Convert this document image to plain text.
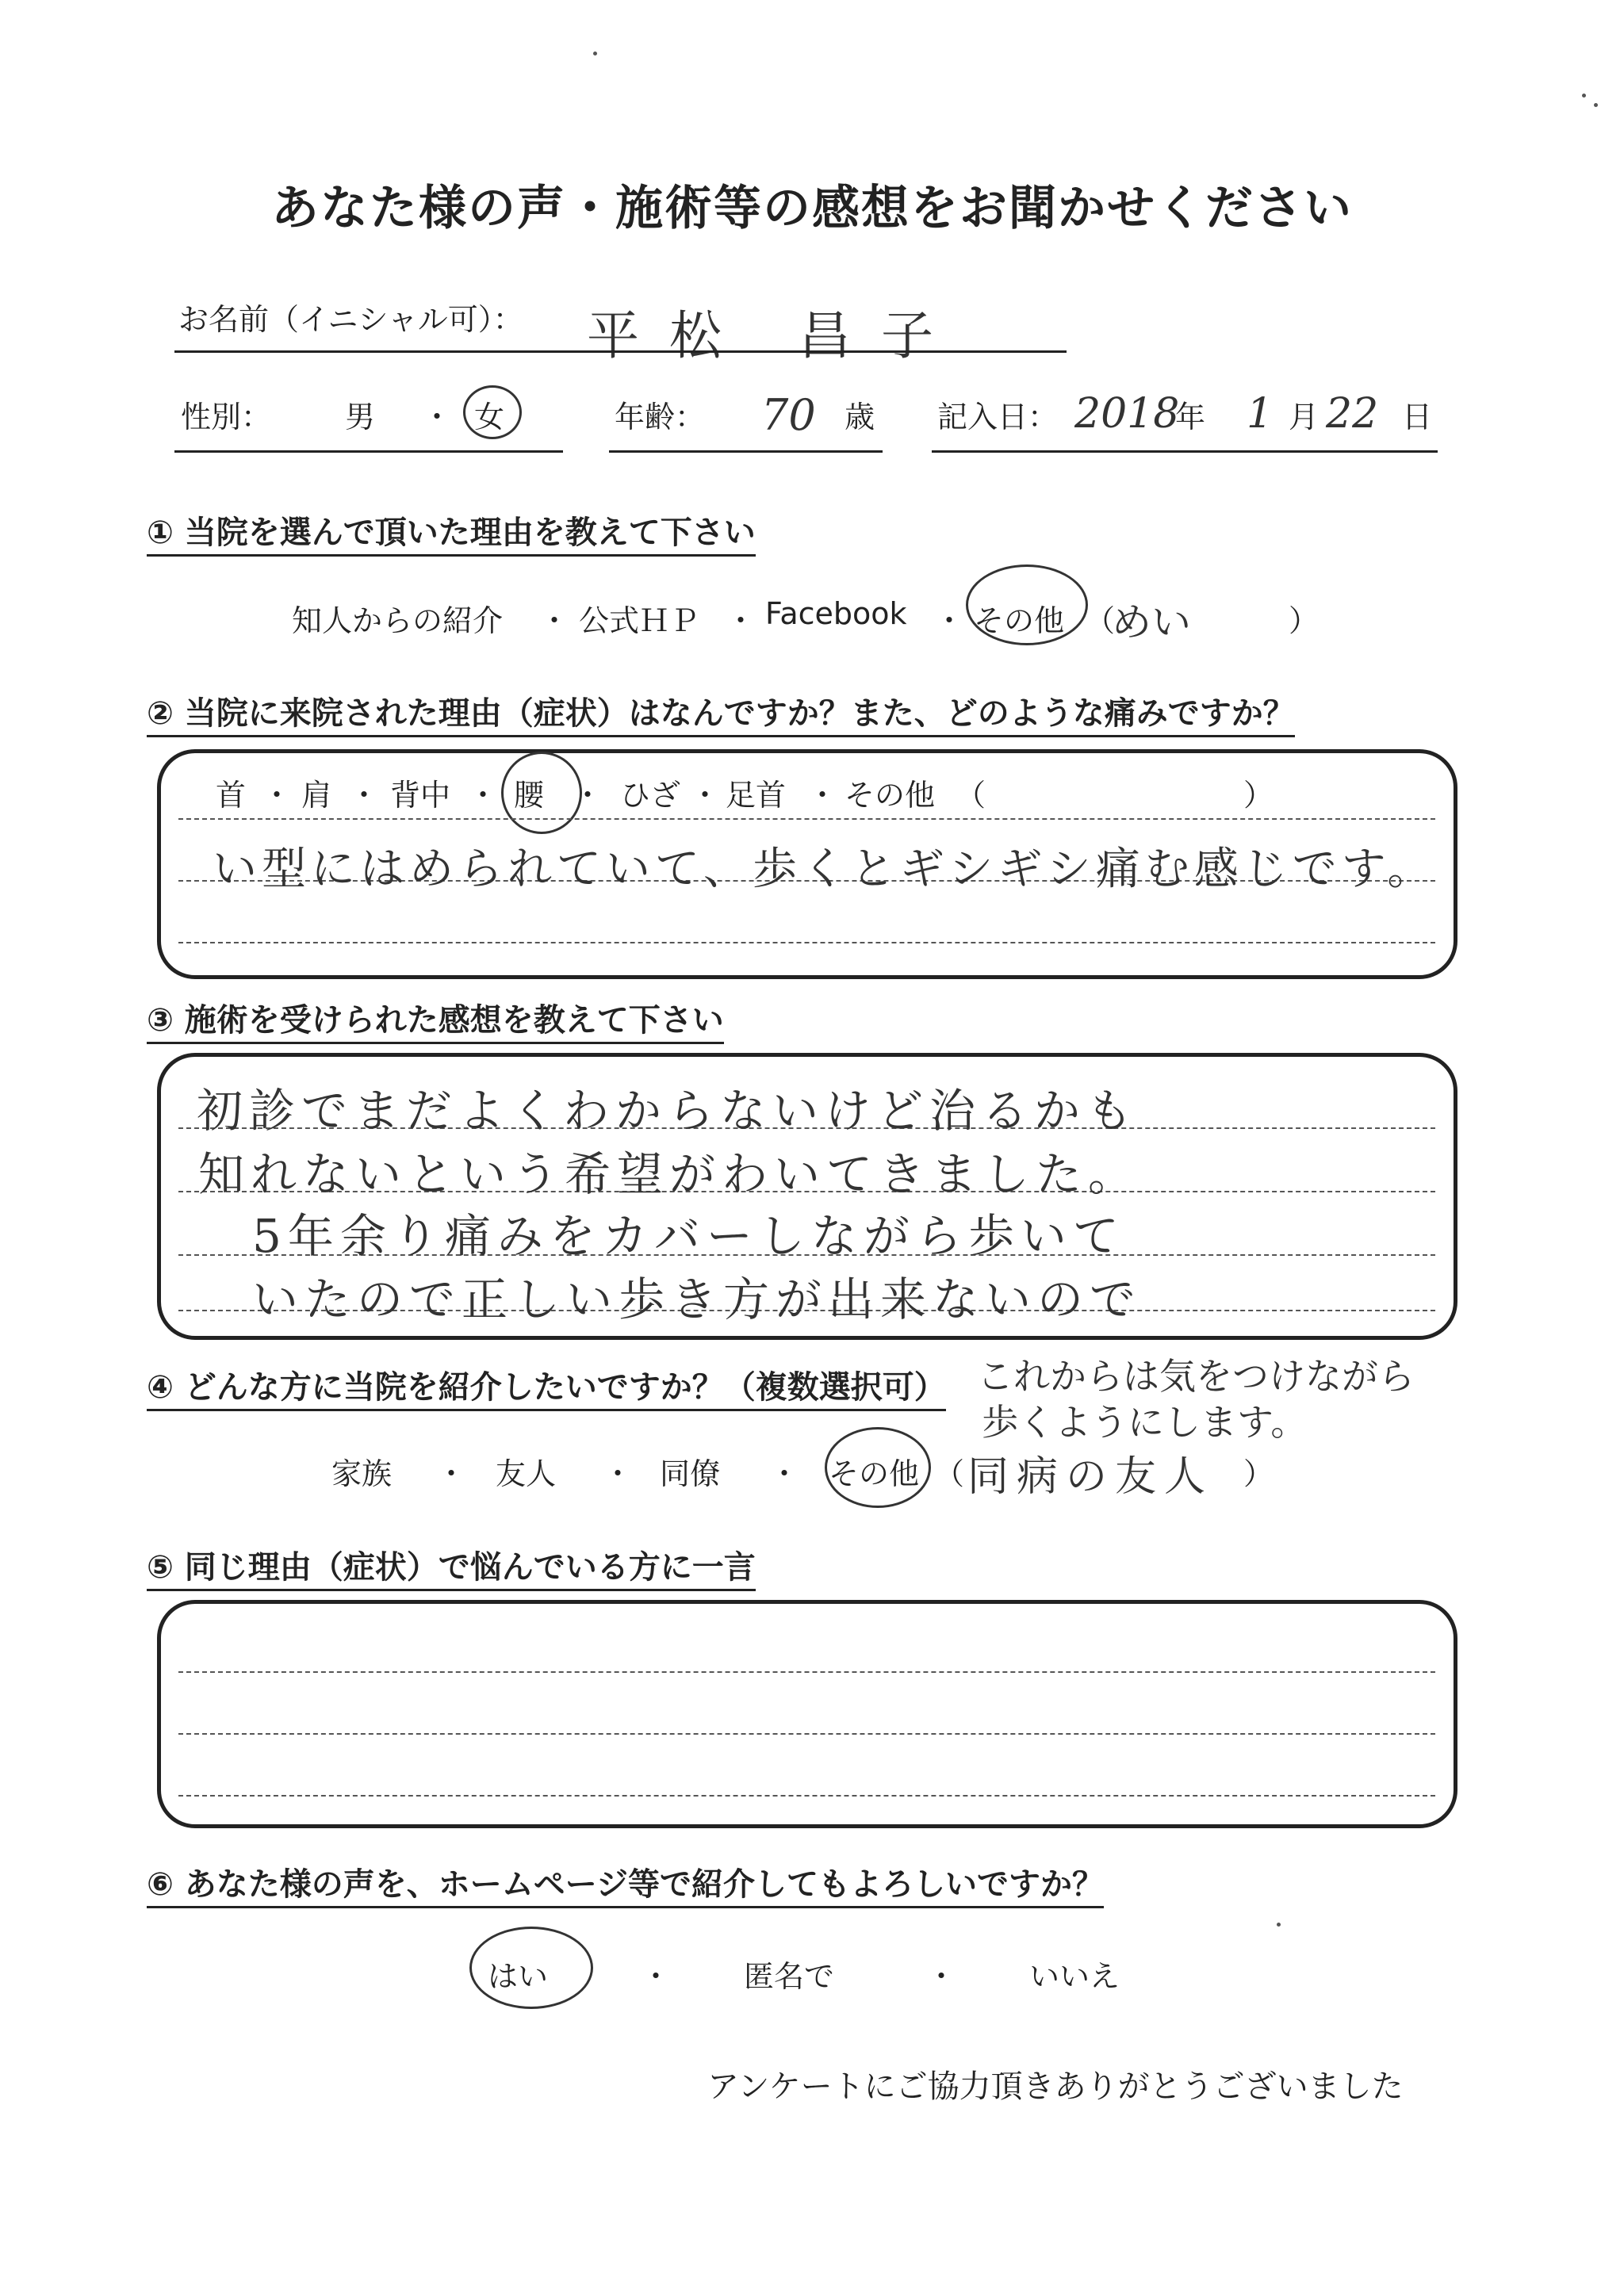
あなた様の声・施術等の感想をお聞かせください
お名前（イニシャル可）： 平松 昌子
性別： 男 ・ 女	年齢： 70 歳 記入日： 2018
年 1 月 22 日
① 当院を選んで頂いた理由を教えて下さい
知人からの紹介 ・ 公式ＨＰ ・ Facebook ・ その他 （
めい	）
② 当院に来院された理由（症状）はなんですか？また、どのような痛みですか？
首 ・ 肩 ・ 背中 ・ 腰 ・ ひざ ・ 足首 ・ その他 （	）
い型にはめられていて、歩くとギシギシ痛む感じです。
③ 施術を受けられた感想を教えて下さい
初診でまだよくわからないけど治るかも
知れないという希望がわいてきました。
5年余り痛みをカバーしながら歩いて
いたので正しい歩き方が出来ないので
④ どんな方に当院を紹介したいですか？（複数選択可） これからは気をつけながら
歩くようにします。
家族 ・ 友人 ・ 同僚 ・ その他 （ 同病の友人 ）
⑤ 同じ理由（症状）で悩んでいる方に一言
⑥ あなた様の声を、ホームページ等で紹介してもよろしいですか？
はい	・ 匿名で	・ いいえ
アンケートにご協力頂きありがとうございました
